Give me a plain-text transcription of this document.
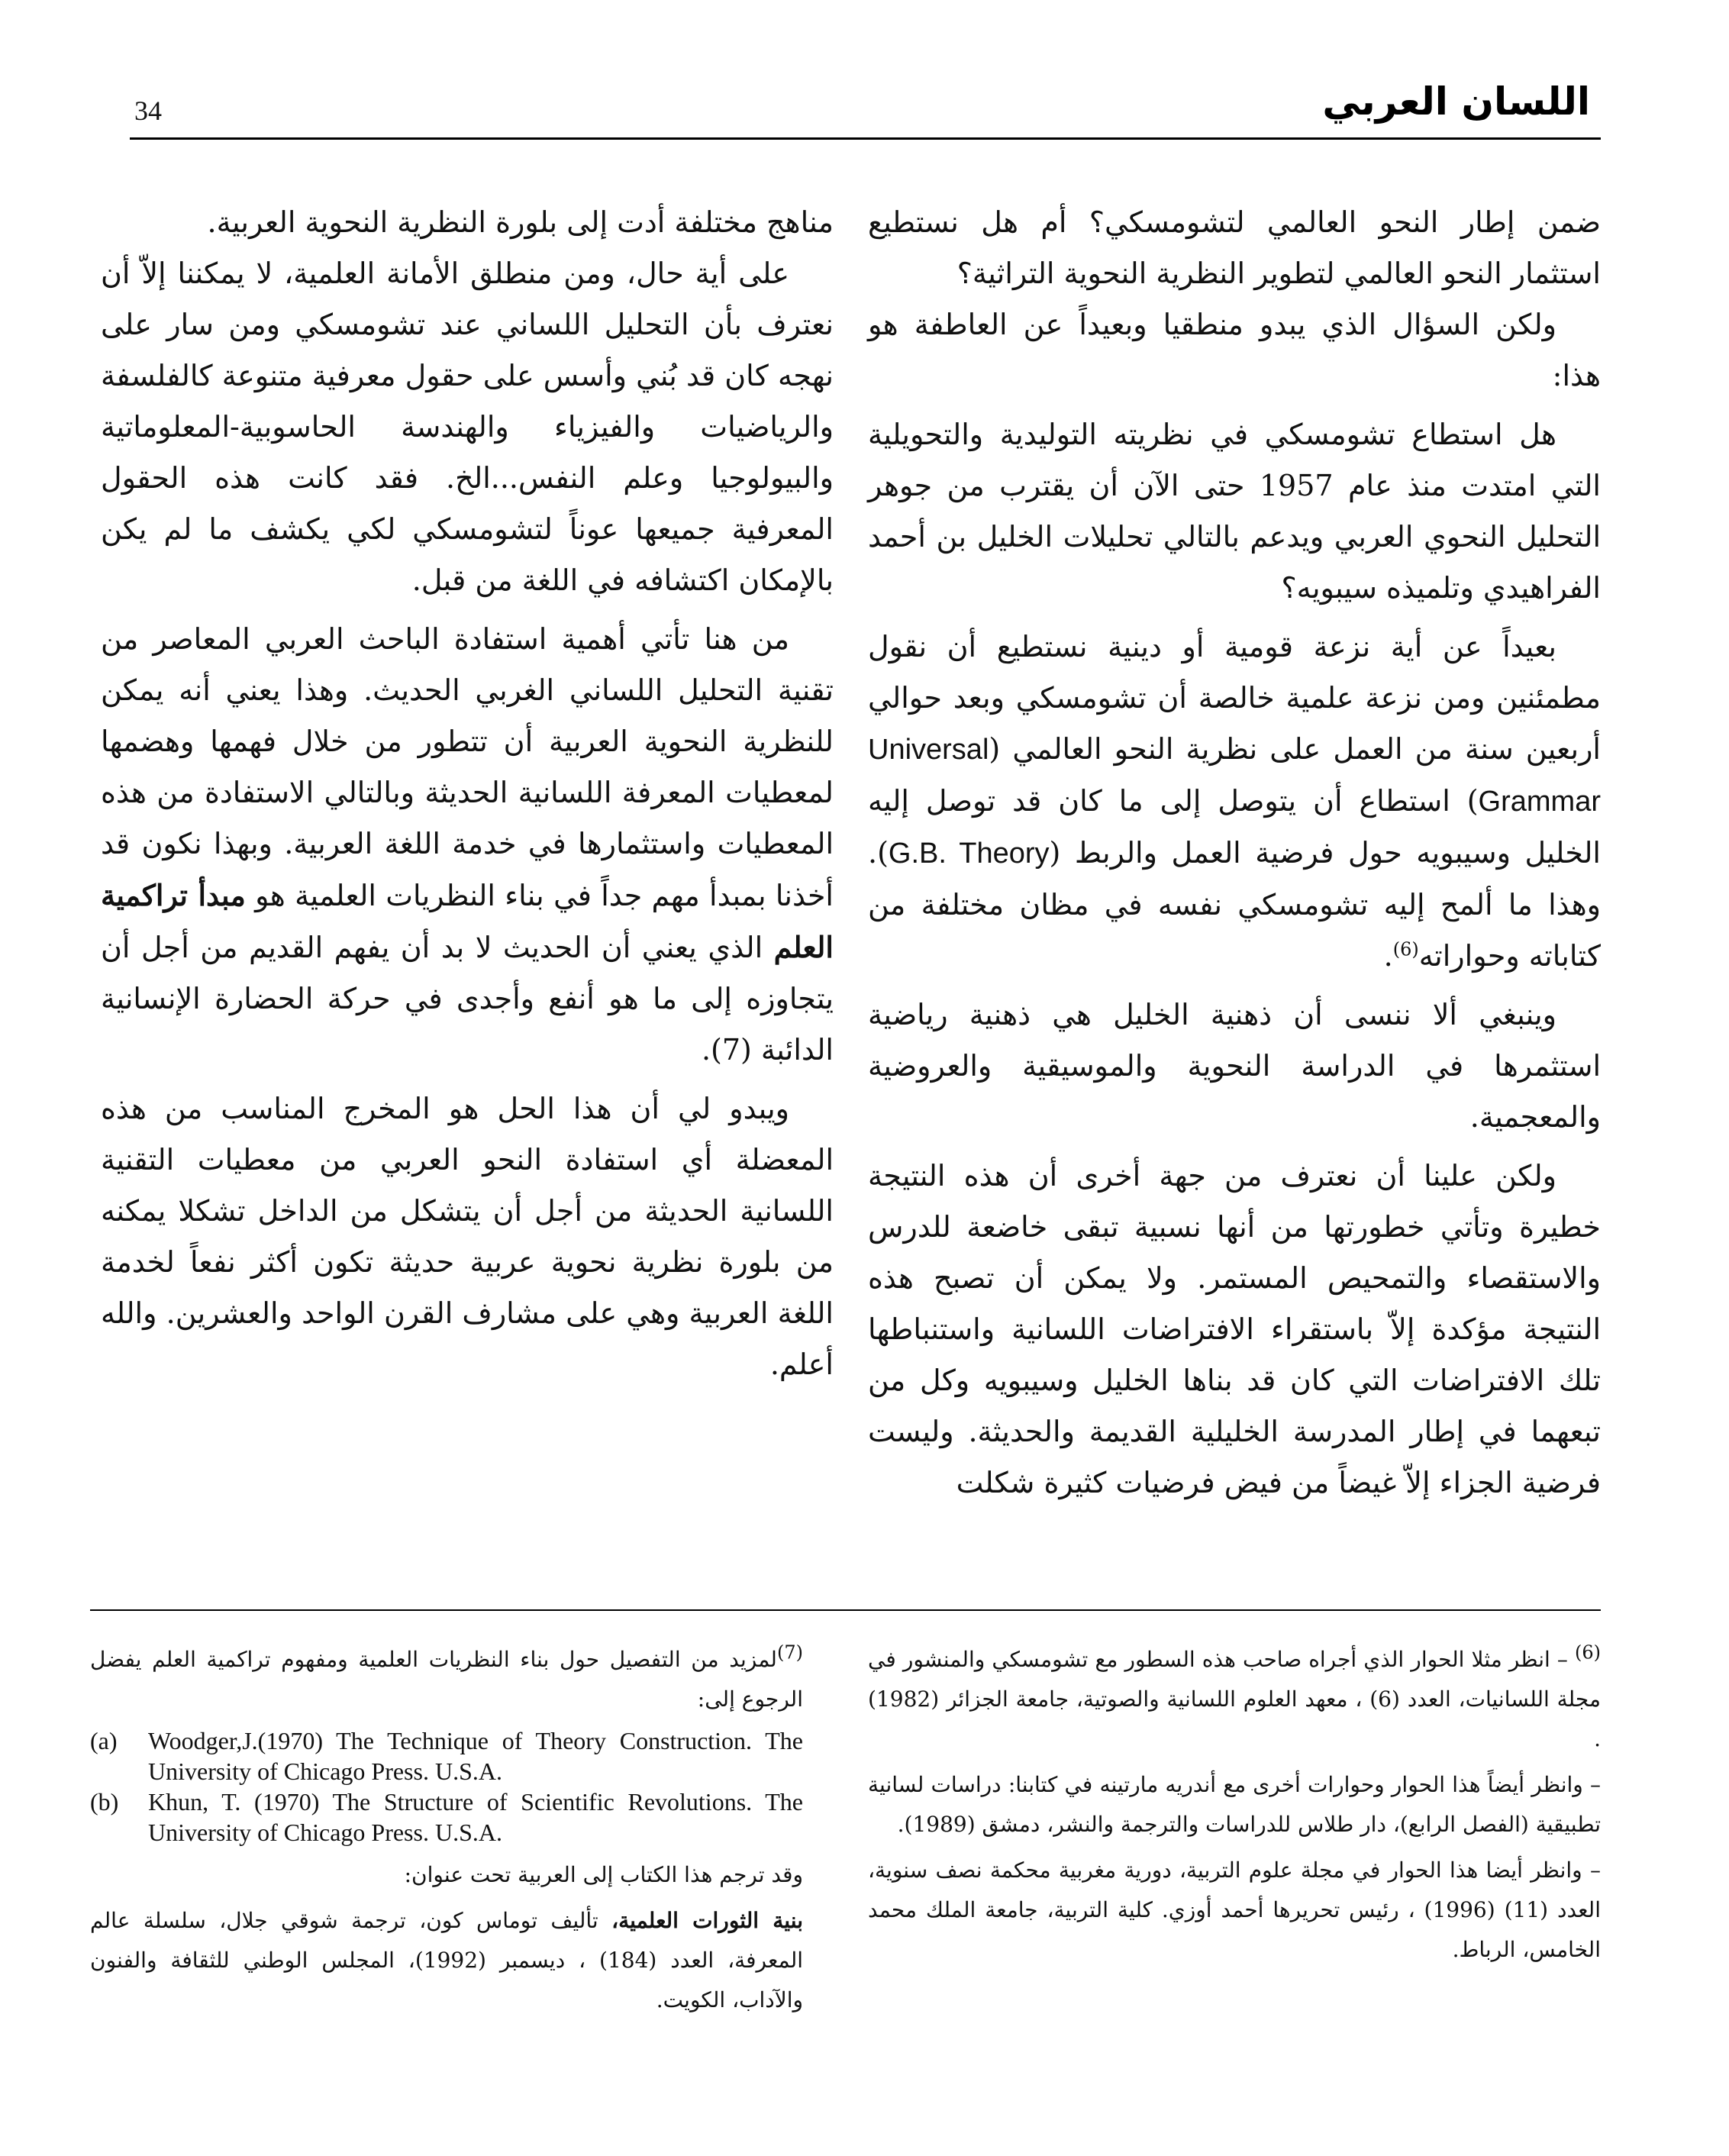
34	اللسان العربي

ضمن إطار النحو العالمي لتشومسكي؟ أم هل نستطيع استثمار النحو العالمي لتطوير النظرية النحوية التراثية؟

ولكن السؤال الذي يبدو منطقيا وبعيداً عن العاطفة هو هذا:

هل استطاع تشومسكي في نظريته التوليدية والتحويلية التي امتدت منذ عام 1957 حتى الآن أن يقترب من جوهر التحليل النحوي العربي ويدعم بالتالي تحليلات الخليل بن أحمد الفراهيدي وتلميذه سيبويه؟

بعيداً عن أية نزعة قومية أو دينية نستطيع أن نقول مطمئنين ومن نزعة علمية خالصة أن تشومسكي وبعد حوالي أربعين سنة من العمل على نظرية النحو العالمي (Universal Grammar) استطاع أن يتوصل إلى ما كان قد توصل إليه الخليل وسيبويه حول فرضية العمل والربط (G.B. Theory). وهذا ما ألمح إليه تشومسكي نفسه في مظان مختلفة من كتاباته وحواراته$^{(6)}$.

وينبغي ألا ننسى أن ذهنية الخليل هي ذهنية رياضية استثمرها في الدراسة النحوية والموسيقية والعروضية والمعجمية.

ولكن علينا أن نعترف من جهة أخرى أن هذه النتيجة خطيرة وتأتي خطورتها من أنها نسبية تبقى خاضعة للدرس والاستقصاء والتمحيص المستمر. ولا يمكن أن تصبح هذه النتيجة مؤكدة إلاّ باستقراء الافتراضات اللسانية واستنباطها تلك الافتراضات التي كان قد بناها الخليل وسيبويه وكل من تبعهما في إطار المدرسة الخليلية القديمة والحديثة. وليست فرضية الجزاء إلاّ غيضاً من فيض فرضيات كثيرة شكلت

مناهج مختلفة أدت إلى بلورة النظرية النحوية العربية.

على أية حال، ومن منطلق الأمانة العلمية، لا يمكننا إلاّ أن نعترف بأن التحليل اللساني عند تشومسكي ومن سار على نهجه كان قد بُني وأسس على حقول معرفية متنوعة كالفلسفة والرياضيات والفيزياء والهندسة الحاسوبية-المعلوماتية والبيولوجيا وعلم النفس...الخ. فقد كانت هذه الحقول المعرفية جميعها عوناً لتشومسكي لكي يكشف ما لم يكن بالإمكان اكتشافه في اللغة من قبل.

من هنا تأتي أهمية استفادة الباحث العربي المعاصر من تقنية التحليل اللساني الغربي الحديث. وهذا يعني أنه يمكن للنظرية النحوية العربية أن تتطور من خلال فهمها وهضمها لمعطيات المعرفة اللسانية الحديثة وبالتالي الاستفادة من هذه المعطيات واستثمارها في خدمة اللغة العربية. وبهذا نكون قد أخذنا بمبدأ مهم جداً في بناء النظريات العلمية هو مبدأ تراكمية العلم الذي يعني أن الحديث لا بد أن يفهم القديم من أجل أن يتجاوزه إلى ما هو أنفع وأجدى في حركة الحضارة الإنسانية الدائبة (7).

ويبدو لي أن هذا الحل هو المخرج المناسب من هذه المعضلة أي استفادة النحو العربي من معطيات التقنية اللسانية الحديثة من أجل أن يتشكل من الداخل تشكلا يمكنه من بلورة نظرية نحوية عربية حديثة تكون أكثر نفعاً لخدمة اللغة العربية وهي على مشارف القرن الواحد والعشرين. والله أعلم.

$^{(6)}$ – انظر مثلا الحوار الذي أجراه صاحب هذه السطور مع تشومسكي والمنشور في مجلة اللسانيات، العدد (6) ، معهد العلوم اللسانية والصوتية، جامعة الجزائر (1982) .

– وانظر أيضاً هذا الحوار وحوارات أخرى مع أندريه مارتينه في كتابنا: دراسات لسانية تطبيقية (الفصل الرابع)، دار طلاس للدراسات والترجمة والنشر، دمشق (1989).

– وانظر أيضا هذا الحوار في مجلة علوم التربية، دورية مغربية محكمة نصف سنوية، العدد (11) (1996) ، رئيس تحريرها أحمد أوزي. كلية التربية، جامعة الملك محمد الخامس، الرباط.

$^{(7)}$لمزيد من التفصيل حول بناء النظريات العلمية ومفهوم تراكمية العلم يفضل الرجوع إلى:

(a)	Woodger,J.(1970) The Technique of Theory Construction. The University of Chicago Press. U.S.A.
(b)	Khun, T. (1970) The Structure of Scientific Revolutions. The University of Chicago Press. U.S.A.

وقد ترجم هذا الكتاب إلى العربية تحت عنوان:

بنية الثورات العلمية، تأليف توماس كون، ترجمة شوقي جلال، سلسلة عالم المعرفة، العدد (184) ، ديسمبر (1992)، المجلس الوطني للثقافة والفنون والآداب، الكويت.
